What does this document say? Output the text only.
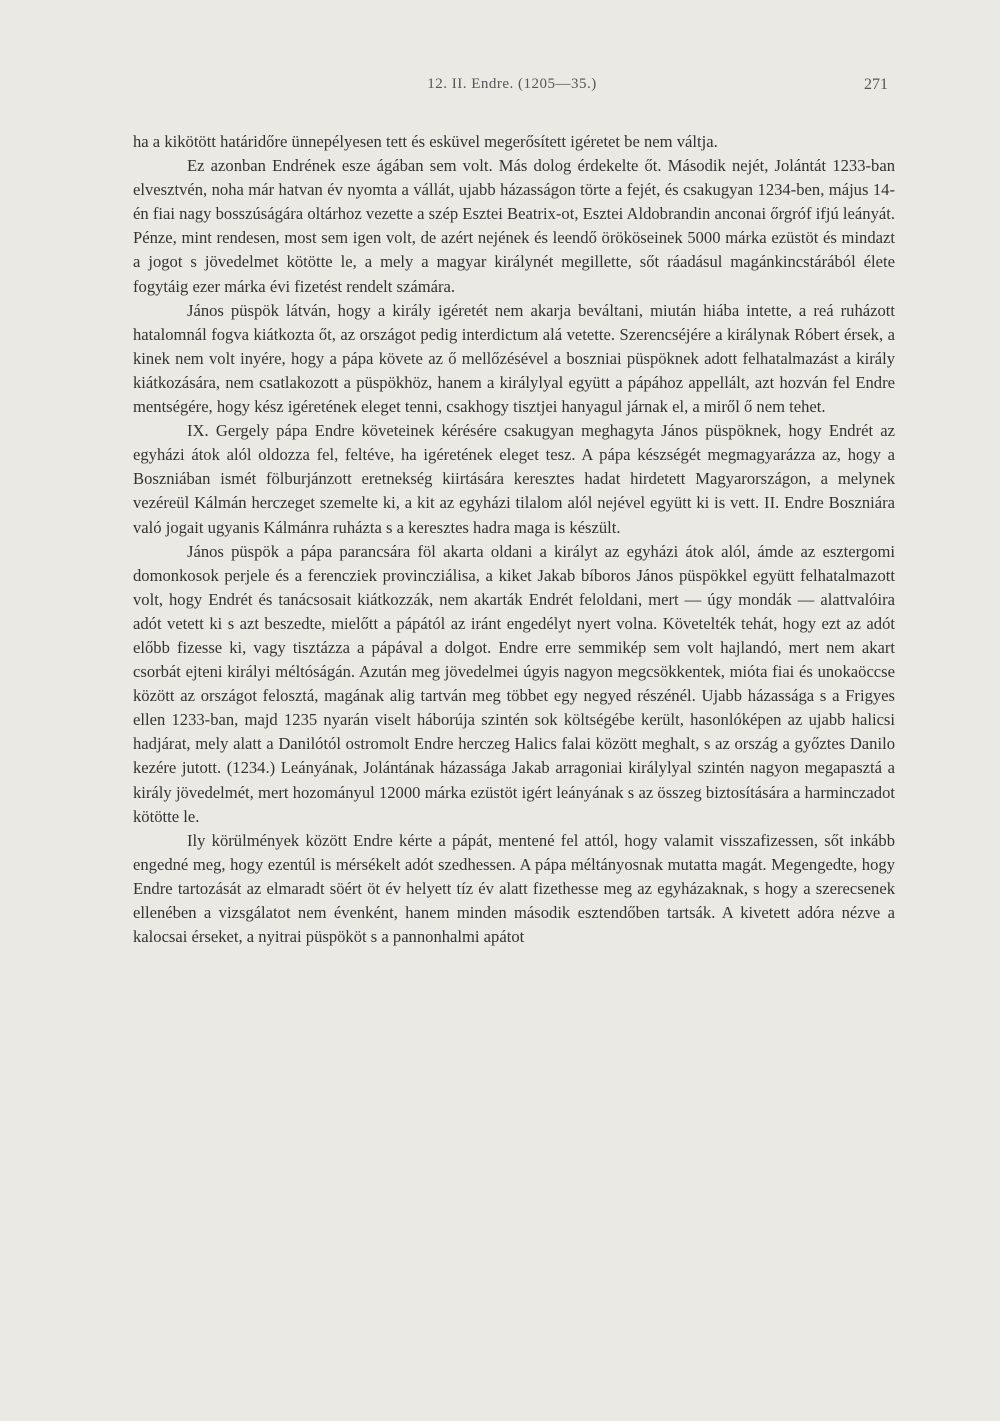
12. II. Endre. (1205—35.)	271

ha a kikötött határidőre ünnepélyesen tett és esküvel megerősített igéretet be nem váltja.

Ez azonban Endrének esze ágában sem volt. Más dolog érdekelte őt. Második nejét, Jolántát 1233-ban elvesztvén, noha már hatvan év nyomta a vállát, ujabb házasságon törte a fejét, és csakugyan 1234-ben, május 14-én fiai nagy bosszúságára oltárhoz vezette a szép Esztei Beatrix-ot, Esztei Aldobrandin anconai őrgróf ifjú leányát. Pénze, mint rendesen, most sem igen volt, de azért nejének és leendő örököseinek 5000 márka ezüstöt és mindazt a jogot s jövedelmet kötötte le, a mely a magyar királynét megillette, sőt ráadásul magánkincstárából élete fogytáig ezer márka évi fizetést rendelt számára.

János püspök látván, hogy a király igéretét nem akarja beváltani, miután hiába intette, a reá ruházott hatalomnál fogva kiátkozta őt, az országot pedig interdictum alá vetette. Szerencséjére a királynak Róbert érsek, a kinek nem volt inyére, hogy a pápa követe az ő mellőzésével a boszniai püspöknek adott felhatalmazást a király kiátkozására, nem csatlakozott a püspökhöz, hanem a királylyal együtt a pápához appellált, azt hozván fel Endre mentségére, hogy kész igéretének eleget tenni, csakhogy tisztjei hanyagul járnak el, a miről ő nem tehet.

IX. Gergely pápa Endre követeinek kérésére csakugyan meghagyta János püspöknek, hogy Endrét az egyházi átok alól oldozza fel, feltéve, ha igéretének eleget tesz. A pápa készségét megmagyarázza az, hogy a Boszniában ismét fölburjánzott eretnekség kiirtására keresztes hadat hirdetett Magyarországon, a melynek vezéreül Kálmán herczeget szemelte ki, a kit az egyházi tilalom alól nejével együtt ki is vett. II. Endre Boszniára való jogait ugyanis Kálmánra ruházta s a keresztes hadra maga is készült.

János püspök a pápa parancsára föl akarta oldani a királyt az egyházi átok alól, ámde az esztergomi domonkosok perjele és a ferencziek provincziálisa, a kiket Jakab bíboros János püspökkel együtt felhatalmazott volt, hogy Endrét és tanácsosait kiátkozzák, nem akarták Endrét feloldani, mert — úgy mondák — alattvalóira adót vetett ki s azt beszedte, mielőtt a pápától az iránt engedélyt nyert volna. Követelték tehát, hogy ezt az adót előbb fizesse ki, vagy tisztázza a pápával a dolgot. Endre erre semmikép sem volt hajlandó, mert nem akart csorbát ejteni királyi méltóságán. Azután meg jövedelmei úgyis nagyon megcsökkentek, mióta fiai és unokaöccse között az országot felosztá, magának alig tartván meg többet egy negyed részénél. Ujabb házassága s a Frigyes ellen 1233-ban, majd 1235 nyarán viselt háborúja szintén sok költségébe került, hasonlóképen az ujabb halicsi hadjárat, mely alatt a Danilótól ostromolt Endre herczeg Halics falai között meghalt, s az ország a győztes Danilo kezére jutott. (1234.) Leányának, Jolántának házassága Jakab arragoniai királylyal szintén nagyon megapasztá a király jövedelmét, mert hozományul 12000 márka ezüstöt igért leányának s az összeg biztosítására a harminczadot kötötte le.

Ily körülmények között Endre kérte a pápát, mentené fel attól, hogy valamit visszafizessen, sőt inkább engedné meg, hogy ezentúl is mérsékelt adót szedhessen. A pápa méltányosnak mutatta magát. Megengedte, hogy Endre tartozását az elmaradt söért öt év helyett tíz év alatt fizethesse meg az egyházaknak, s hogy a szerecsenek ellenében a vizsgálatot nem évenként, hanem minden második esztendőben tartsák. A kivetett adóra nézve a kalocsai érseket, a nyitrai püspököt s a pannonhalmi apátot
